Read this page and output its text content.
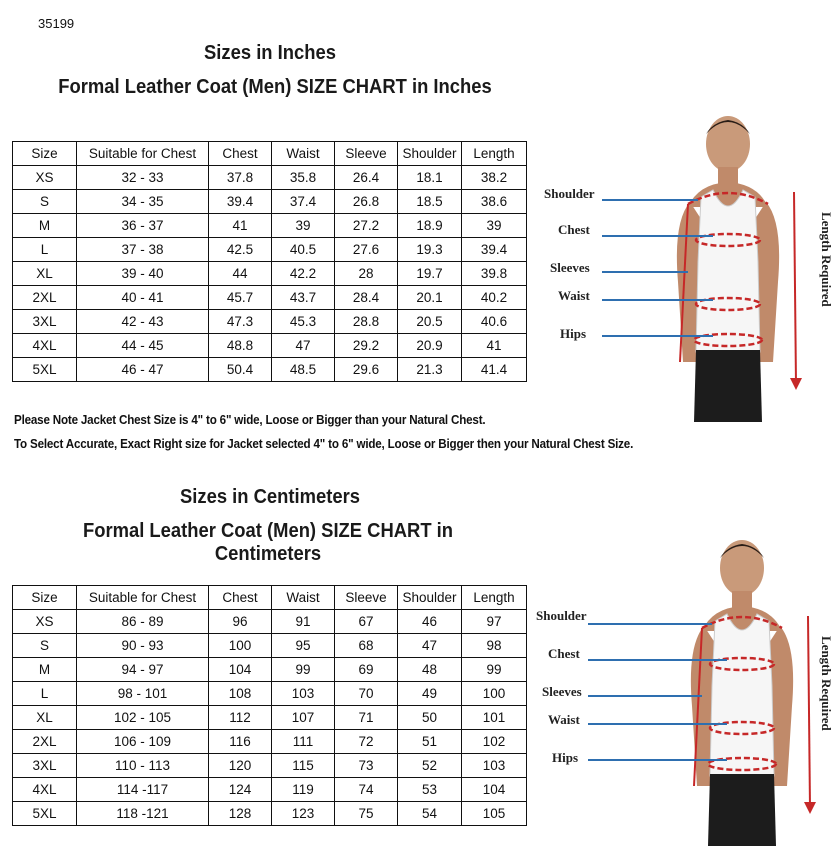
35199
Sizes in Inches
Formal Leather Coat (Men) SIZE CHART in Inches
Size	Suitable for Chest	Chest	Waist	Sleeve	Shoulder	Length
XS	32 - 33	37.8	35.8	26.4	18.1	38.2
S	34 - 35	39.4	37.4	26.8	18.5	38.6
M	36 - 37	41	39	27.2	18.9	39
L	37 - 38	42.5	40.5	27.6	19.3	39.4
XL	39 - 40	44	42.2	28	19.7	39.8
2XL	40 - 41	45.7	43.7	28.4	20.1	40.2
3XL	42 - 43	47.3	45.3	28.8	20.5	40.6
4XL	44 - 45	48.8	47	29.2	20.9	41
5XL	46 - 47	50.4	48.5	29.6	21.3	41.4
Please Note Jacket Chest Size is 4" to 6" wide, Loose or Bigger than your Natural Chest.
To Select Accurate, Exact Right size for Jacket selected 4" to 6" wide, Loose or Bigger then your Natural Chest Size.
Sizes in Centimeters
Formal Leather Coat (Men) SIZE CHART in Centimeters
Size	Suitable for Chest	Chest	Waist	Sleeve	Shoulder	Length
XS	86 - 89	96	91	67	46	97
S	90 - 93	100	95	68	47	98
M	94 - 97	104	99	69	48	99
L	98 - 101	108	103	70	49	100
XL	102 - 105	112	107	71	50	101
2XL	106 - 109	116	111	72	51	102
3XL	110 - 113	120	115	73	52	103
4XL	114 -117	124	119	74	53	104
5XL	118 -121	128	123	75	54	105
Shoulder
Chest
Sleeves
Waist
Hips
Length Required
Shoulder
Chest
Sleeves
Waist
Hips
Length Required
